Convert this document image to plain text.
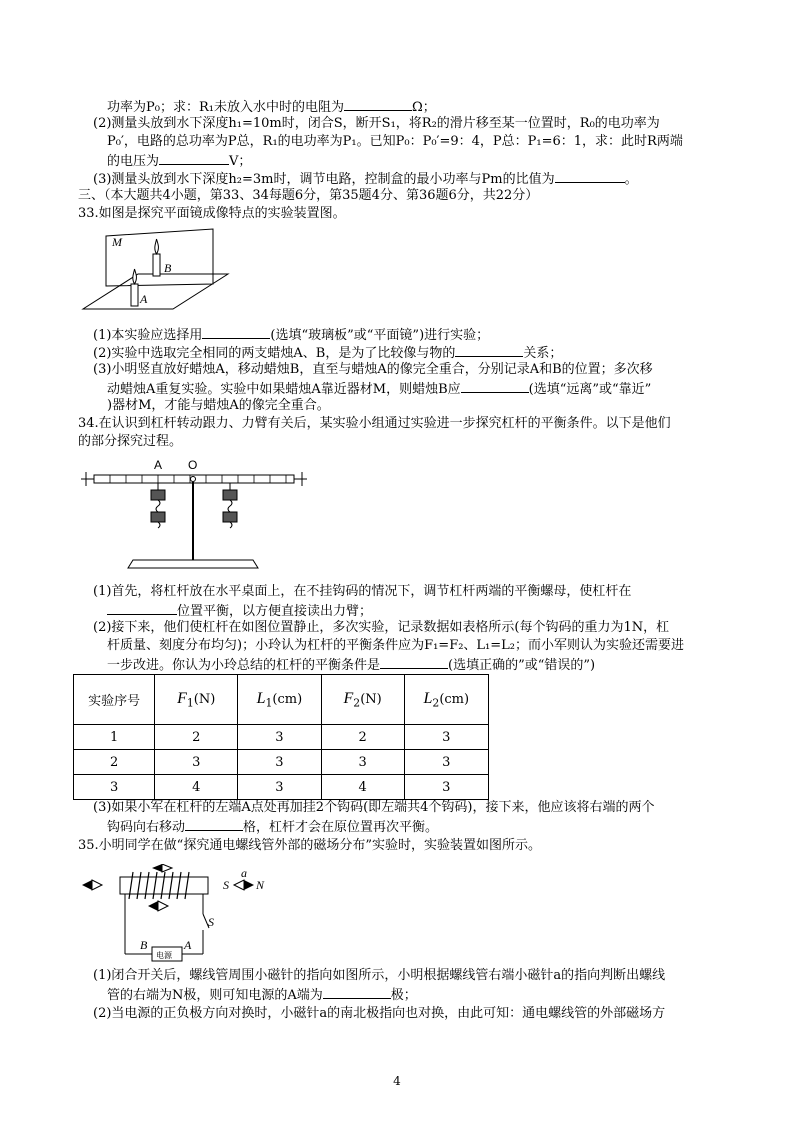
功率为P₀；求：R₁未放入水中时的电阻为	Ω；
(2)测量头放到水下深度h₁=10m时，闭合S，断开S₁，将R₂的滑片移至某一位置时，R₀的电功率为
P₀′，电路的总功率为P总，R₁的电功率为P₁。已知P₀：P₀′=9：4，P总：P₁=6：1，求：此时R两端
的电压为	V；
(3)测量头放到水下深度h₂=3m时，调节电路，控制盒的最小功率与Pm的比值为	。
三、（本大题共4小题，第33、34每题6分，第35题4分、第36题6分，共22分）
33.如图是探究平面镜成像特点的实验装置图。
M
B
A
(1)本实验应选择用	(选填“玻璃板”或“平面镜”)进行实验；
(2)实验中选取完全相同的两支蜡烛A、B，是为了比较像与物的	关系；
(3)小明竖直放好蜡烛A，移动蜡烛B，直至与蜡烛A的像完全重合，分别记录A和B的位置；多次移
动蜡烛A重复实验。实验中如果蜡烛A靠近器材M，则蜡烛B应	(选填“远离”或“靠近”
)器材M，才能与蜡烛A的像完全重合。
34.在认识到杠杆转动跟力、力臂有关后，某实验小组通过实验进一步探究杠杆的平衡条件。以下是他们
的部分探究过程。
A O
(1)首先，将杠杆放在水平桌面上，在不挂钩码的情况下，调节杠杆两端的平衡螺母，使杠杆在
位置平衡，以方便直接读出力臂；
(2)接下来，他们使杠杆在如图位置静止，多次实验，记录数据如表格所示(每个钩码的重力为1N，杠
杆质量、刻度分布均匀)；小玲认为杠杆的平衡条件应为F₁=F₂、L₁=L₂；而小军则认为实验还需要进
一步改进。你认为小玲总结的杠杆的平衡条件是	(选填正确的”或“错误的”)
实验序号	$F_1(N)$	$L_1(cm)$	$F_2(N)$	$L_2(cm)$
1	2	3	2	3
2	3	3	3	3
3	4	3	4	3
(3)如果小军在杠杆的左端A点处再加挂2个钩码(即左端共4个钩码)，接下来，他应该将右端的两个
钩码向右移动	格，杠杆才会在原位置再次平衡。
35.小明同学在做“探究通电螺线管外部的磁场分布”实验时，实验装置如图所示。
S
a
N
S
电源
B	A
(1)闭合开关后，螺线管周围小磁针的指向如图所示，小明根据螺线管右端小磁针a的指向判断出螺线
管的右端为N极，则可知电源的A端为	极；
(2)当电源的正负极方向对换时，小磁针a的南北极指向也对换，由此可知：通电螺线管的外部磁场方
4
